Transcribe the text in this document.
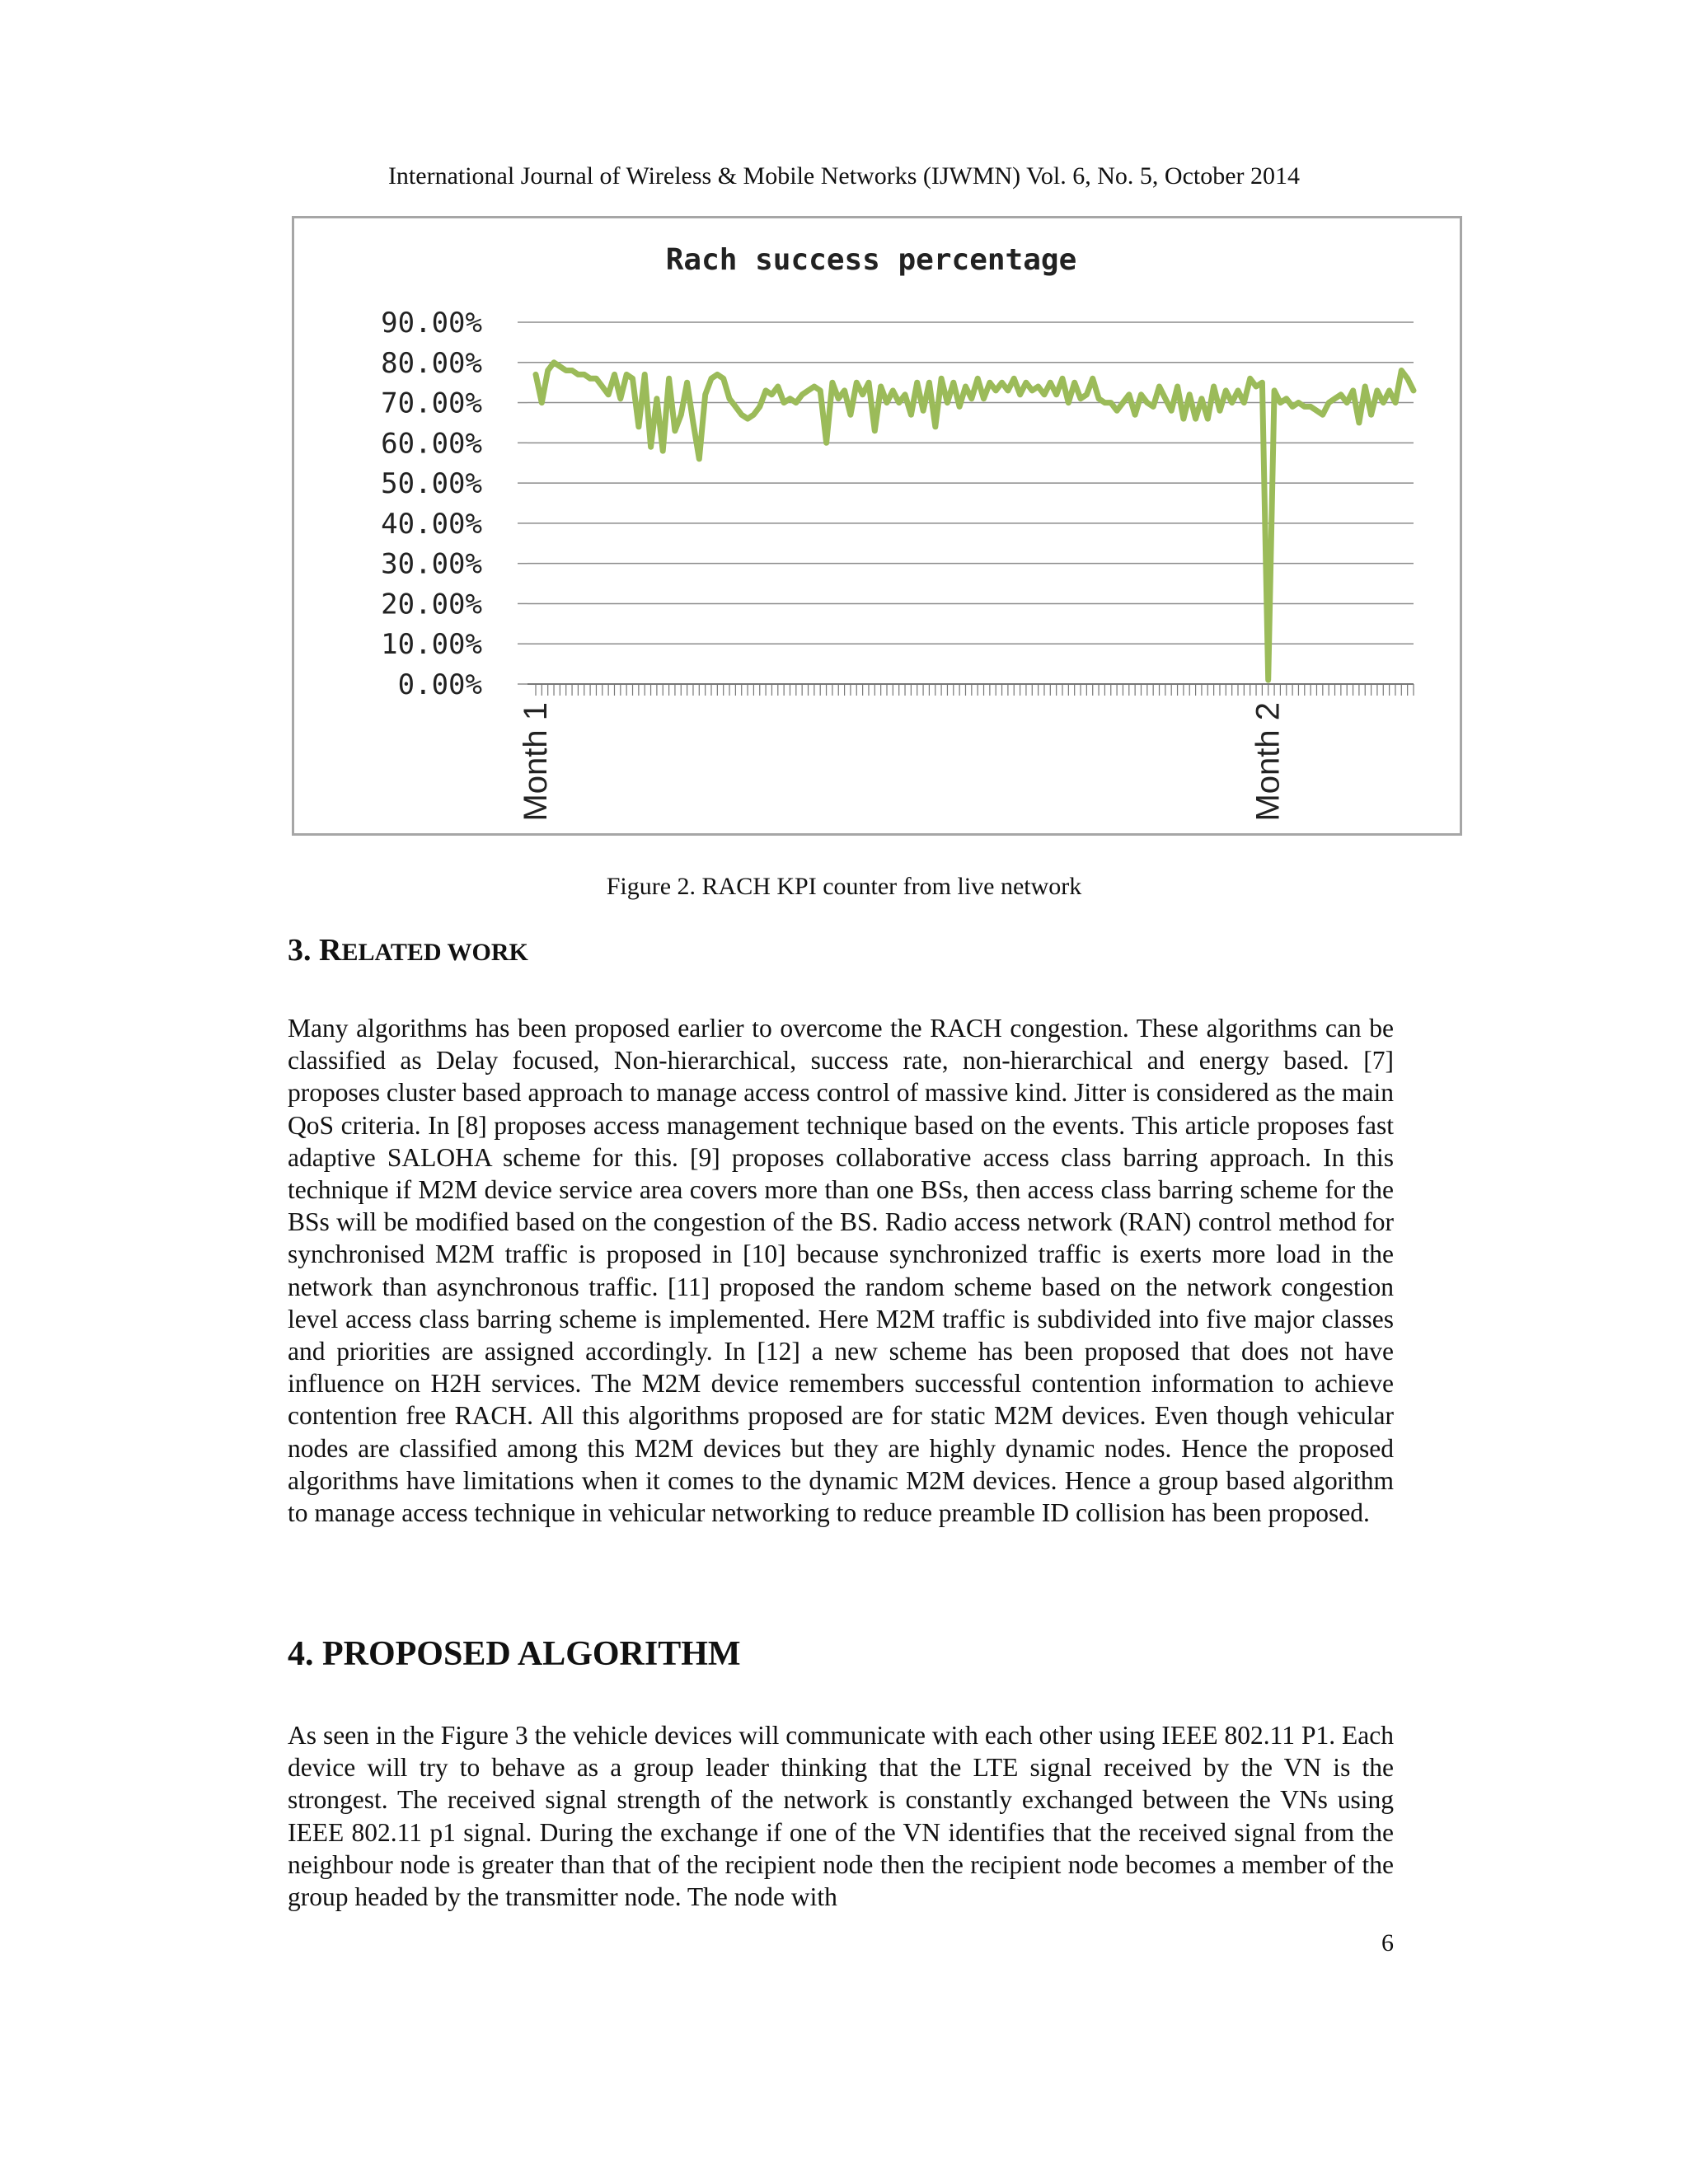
International Journal of Wireless & Mobile Networks (IJWMN) Vol. 6, No. 5, October 2014
Rach success percentage
0.00%
10.00%
20.00%
30.00%
40.00%
50.00%
60.00%
70.00%
80.00%
90.00%
Month 1	Month 2
Figure 2. RACH KPI counter from live network
3. RELATED WORK

Many algorithms has been proposed earlier to overcome the RACH congestion. These algorithms can be classified as Delay focused, Non-hierarchical, success rate, non-hierarchical and energy based. [7] proposes cluster based approach to manage access control of massive kind. Jitter is considered as the main QoS criteria. In [8] proposes access management technique based on the events. This article proposes fast adaptive SALOHA scheme for this. [9] proposes collaborative access class barring approach. In this technique if M2M device service area covers more than one BSs, then access class barring scheme for the BSs will be modified based on the congestion of the BS. Radio access network (RAN) control method for synchronised M2M traffic is proposed in [10] because synchronized traffic is exerts more load in the network than asynchronous traffic. [11] proposed the random scheme based on the network congestion level access class barring scheme is implemented. Here M2M traffic is subdivided into five major classes and priorities are assigned accordingly. In [12] a new scheme has been proposed that does not have influence on H2H services. The M2M device remembers successful contention information to achieve contention free RACH. All this algorithms proposed are for static M2M devices. Even though vehicular nodes are classified among this M2M devices but they are highly dynamic nodes. Hence the proposed algorithms have limitations when it comes to the dynamic M2M devices. Hence a group based algorithm to manage access technique in vehicular networking to reduce preamble ID collision has been proposed.

4. PROPOSED ALGORITHM

As seen in the Figure 3 the vehicle devices will communicate with each other using IEEE 802.11 P1. Each device will try to behave as a group leader thinking that the LTE signal received by the VN is the strongest. The received signal strength of the network is constantly exchanged between the VNs using IEEE 802.11 p1 signal. During the exchange if one of the VN identifies that the received signal from the neighbour node is greater than that of the recipient node then the recipient node becomes a member of the group headed by the transmitter node. The node with

6
